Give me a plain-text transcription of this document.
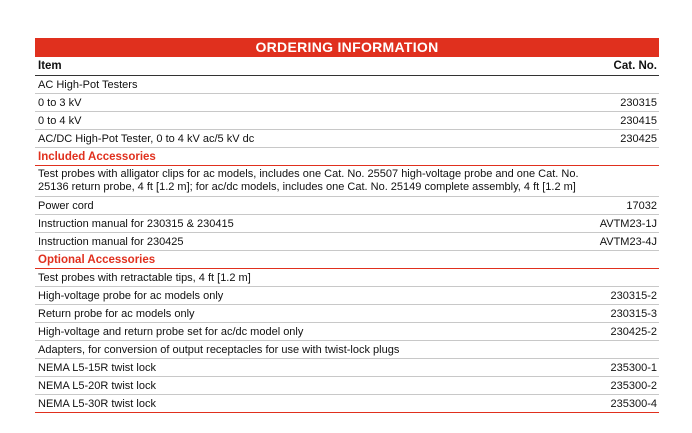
ORDERING INFORMATION
Item	Cat. No.
AC High-Pot Testers	
0 to 3 kV	230315
0 to 4 kV	230415
AC/DC High-Pot Tester, 0 to 4 kV ac/5 kV dc	230425
Included Accessories	
Test probes with alligator clips for ac models, includes one Cat. No. 25507 high-voltage probe and one Cat. No. 25136 return probe, 4 ft [1.2 m]; for ac/dc models, includes one Cat. No. 25149 complete assembly, 4 ft [1.2 m]	
Power cord	17032
Instruction manual for 230315 & 230415	AVTM23-1J
Instruction manual for 230425	AVTM23-4J
Optional Accessories	
Test probes with retractable tips, 4 ft [1.2 m]	
High-voltage probe for ac models only	230315-2
Return probe for ac models only	230315-3
High-voltage and return probe set for ac/dc model only	230425-2
Adapters, for conversion of output receptacles for use with twist-lock plugs	
NEMA L5-15R twist lock	235300-1
NEMA L5-20R twist lock	235300-2
NEMA L5-30R twist lock	235300-4
